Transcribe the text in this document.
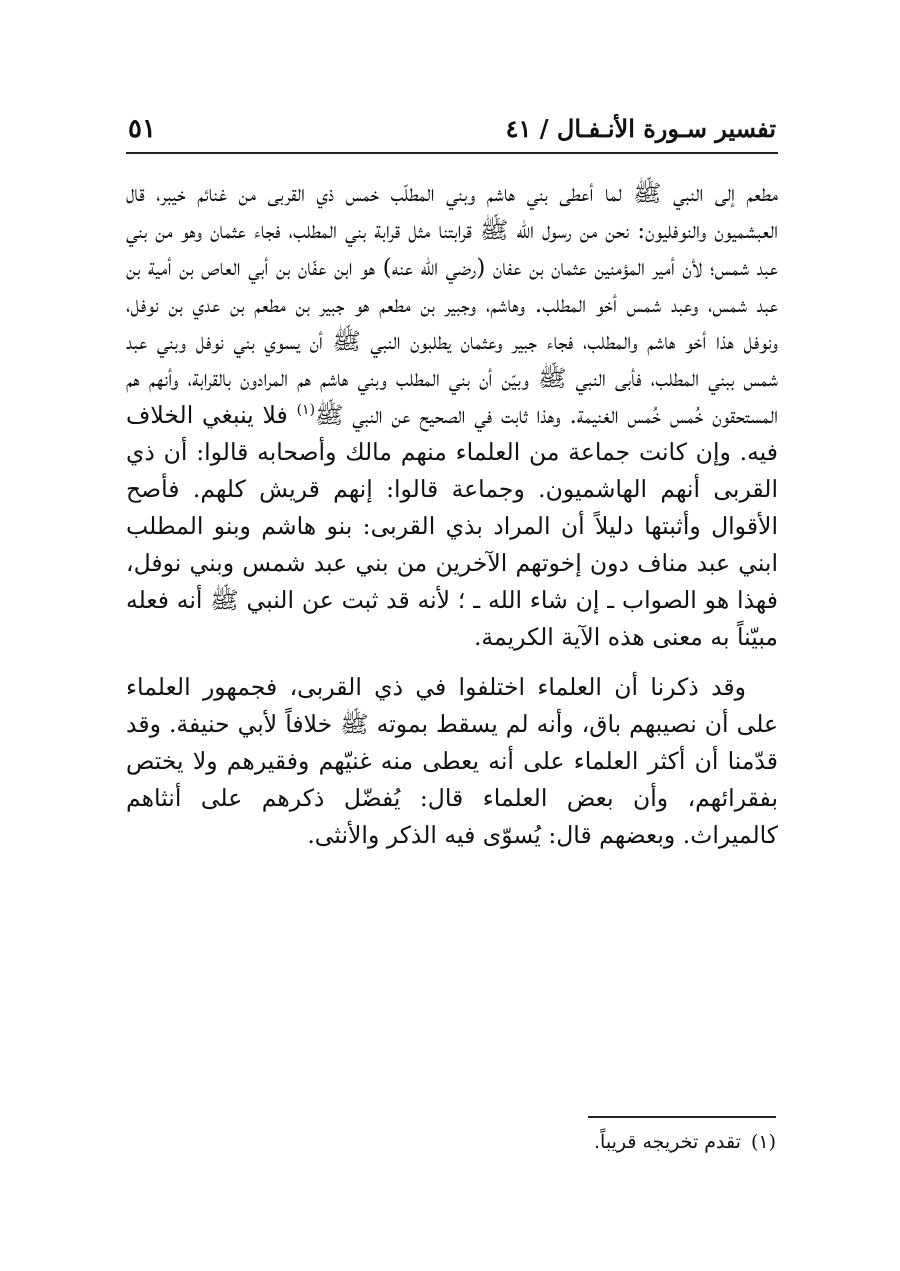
تفسير سـورة الأنـفـال / ٤١
٥١

مطعم إلى النبي ﷺ لما أعطى بني هاشم وبني المطلّب خمس ذي القربى من غنائم خيبر، قال العبشميون والنوفليون: نحن من رسول الله ﷺ قرابتنا مثل قرابة بني المطلب، فجاء عثمان وهو من بني عبد شمس؛ لأن أمير المؤمنين عثمان بن عفان (رضي الله عنه) هو ابن عفّان بن أبي العاص بن أمية بن عبد شمس، وعبد شمس أخو المطلب. وهاشم، وجبير بن مطعم هو جبير بن مطعم بن عدي بن نوفل، ونوفل هذا أخو هاشم والمطلب، فجاء جبير وعثمان يطلبون النبي ﷺ أن يسوي بني نوفل وبني عبد شمس ببني المطلب، فأبى النبي ﷺ وبيّن أن بني المطلب وبني هاشم هم المرادون بالقرابة، وأنهم هم المستحقون خُمس خُمس الغنيمة. وهذا ثابت في الصحيح عن النبي ﷺ$^{(١)}$ فلا ينبغي الخلاف فيه. وإن كانت جماعة من العلماء منهم مالك وأصحابه قالوا: أن ذي القربى أنهم الهاشميون. وجماعة قالوا: إنهم قريش كلهم. فأصح الأقوال وأثبتها دليلاً أن المراد بذي القربى: بنو هاشم وبنو المطلب ابني عبد مناف دون إخوتهم الآخرين من بني عبد شمس وبني نوفل، فهذا هو الصواب ـ إن شاء الله ـ ؛ لأنه قد ثبت عن النبي ﷺ أنه فعله مبيّناً به معنى هذه الآية الكريمة.

وقد ذكرنا أن العلماء اختلفوا في ذي القربى، فجمهور العلماء على أن نصيبهم باق، وأنه لم يسقط بموته ﷺ خلافاً لأبي حنيفة. وقد قدّمنا أن أكثر العلماء على أنه يعطى منه غنيّهم وفقيرهم ولا يختص بفقرائهم، وأن بعض العلماء قال: يُفضّل ذكرهم على أنثاهم كالميراث. وبعضهم قال: يُسوّى فيه الذكر والأنثى.

(١)تقدم تخريجه قريباً.
